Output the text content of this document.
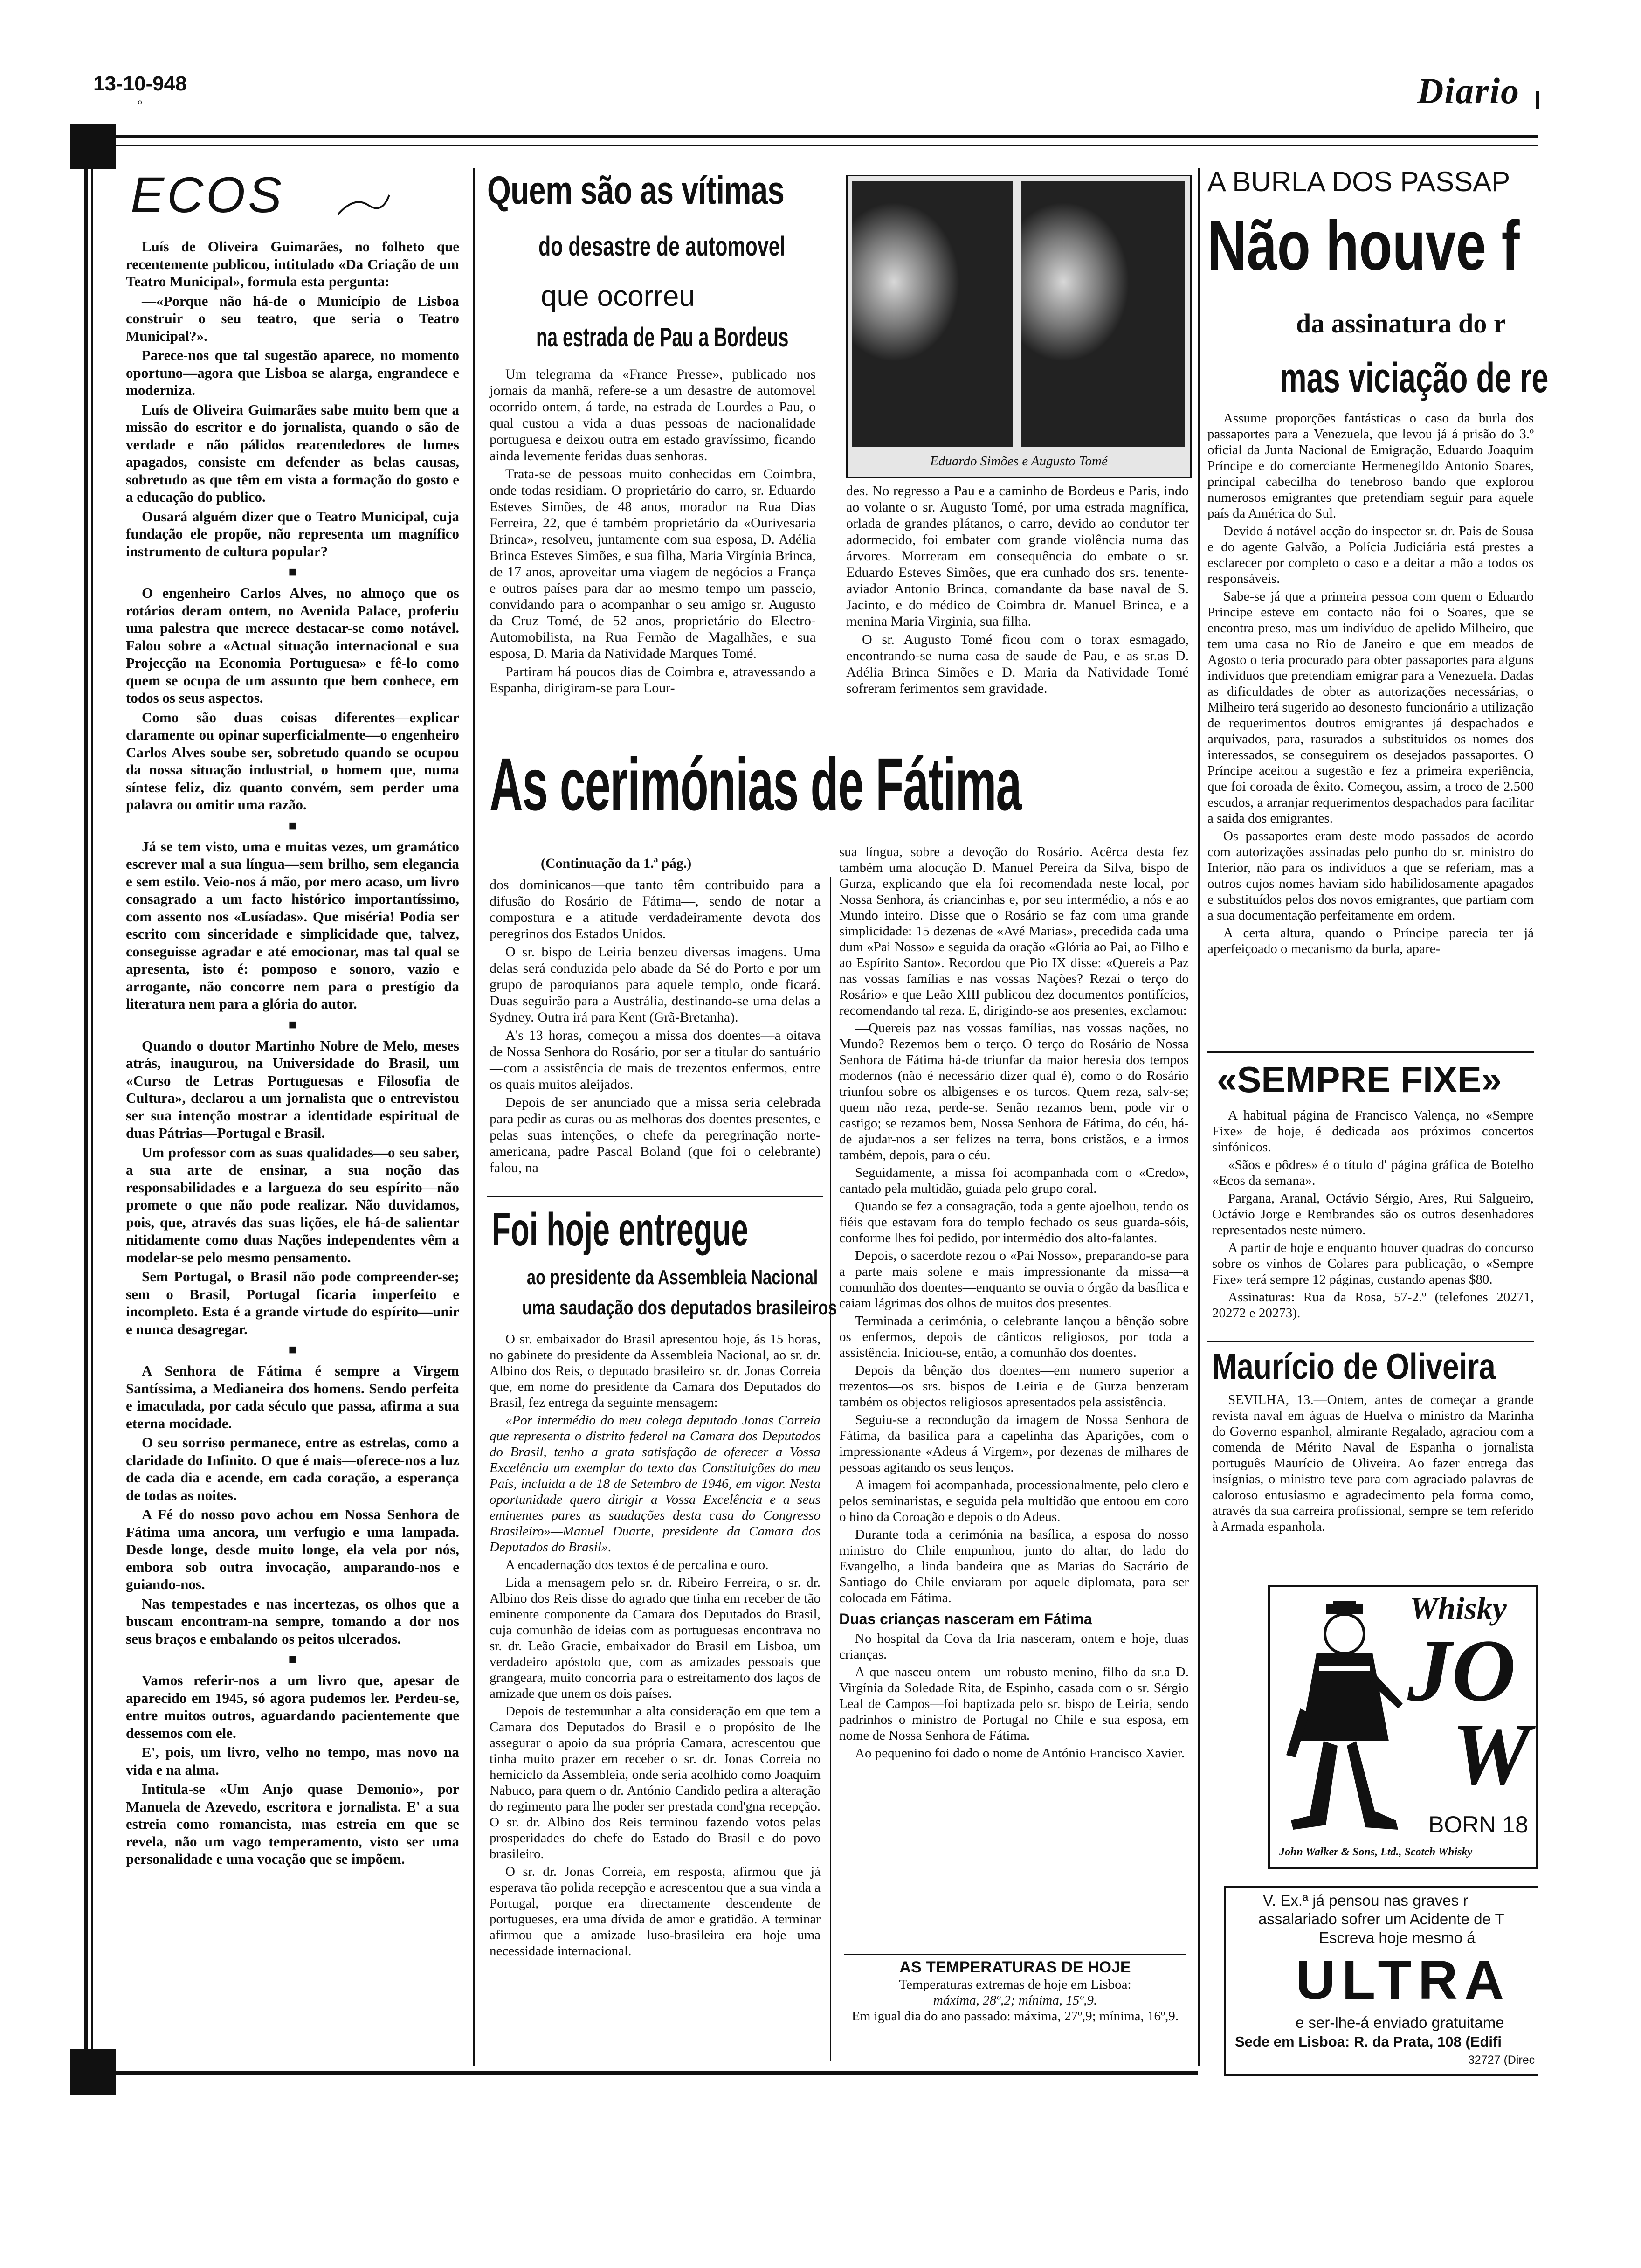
13-10-948
°	Diario
ECOS

Luís de Oliveira Guimarães, no folheto que recentemente publicou, intitulado «Da Criação de um Teatro Municipal», formula esta pergunta:

—«Porque não há-de o Município de Lisboa construir o seu teatro, que seria o Teatro Municipal?».

Parece-nos que tal sugestão aparece, no momento oportuno—agora que Lisboa se alarga, engrandece e moderniza.

Luís de Oliveira Guimarães sabe muito bem que a missão do escritor e do jornalista, quando o são de verdade e não pálidos reacendedores de lumes apagados, consiste em defender as belas causas, sobretudo as que têm em vista a formação do gosto e a educação do publico.

Ousará alguém dizer que o Teatro Municipal, cuja fundação ele propõe, não representa um magnífico instrumento de cultura popular?

■

O engenheiro Carlos Alves, no almoço que os rotários deram ontem, no Avenida Palace, proferiu uma palestra que merece destacar-se como notável. Falou sobre a «Actual situação internacional e sua Projecção na Economia Portuguesa» e fê-lo como quem se ocupa de um assunto que bem conhece, em todos os seus aspectos.

Como são duas coisas diferentes—explicar claramente ou opinar superficialmente—o engenheiro Carlos Alves soube ser, sobretudo quando se ocupou da nossa situação industrial, o homem que, numa síntese feliz, diz quanto convém, sem perder uma palavra ou omitir uma razão.

■

Já se tem visto, uma e muitas vezes, um gramático escrever mal a sua língua—sem brilho, sem elegancia e sem estilo. Veio-nos á mão, por mero acaso, um livro consagrado a um facto histórico importantíssimo, com assento nos «Lusíadas». Que miséria! Podia ser escrito com sinceridade e simplicidade que, talvez, conseguisse agradar e até emocionar, mas tal qual se apresenta, isto é: pomposo e sonoro, vazio e arrogante, não concorre nem para o prestígio da literatura nem para a glória do autor.

■

Quando o doutor Martinho Nobre de Melo, meses atrás, inaugurou, na Universidade do Brasil, um «Curso de Letras Portuguesas e Filosofia de Cultura», declarou a um jornalista que o entrevistou ser sua intenção mostrar a identidade espiritual de duas Pátrias—Portugal e Brasil.

Um professor com as suas qualidades—o seu saber, a sua arte de ensinar, a sua noção das responsabilidades e a largueza do seu espírito—não promete o que não pode realizar. Não duvidamos, pois, que, através das suas lições, ele há-de salientar nitidamente como duas Nações independentes vêm a modelar-se pelo mesmo pensamento.

Sem Portugal, o Brasil não pode compreender-se; sem o Brasil, Portugal ficaria imperfeito e incompleto. Esta é a grande virtude do espírito—unir e nunca desagregar.

■

A Senhora de Fátima é sempre a Virgem Santíssima, a Medianeira dos homens. Sendo perfeita e imaculada, por cada século que passa, afirma a sua eterna mocidade.

O seu sorriso permanece, entre as estrelas, como a claridade do Infinito. O que é mais—oferece-nos a luz de cada dia e acende, em cada coração, a esperança de todas as noites.

A Fé do nosso povo achou em Nossa Senhora de Fátima uma ancora, um verfugio e uma lampada. Desde longe, desde muito longe, ela vela por nós, embora sob outra invocação, amparando-nos e guiando-nos.

Nas tempestades e nas incertezas, os olhos que a buscam encontram-na sempre, tomando a dor nos seus braços e embalando os peitos ulcerados.

■

Vamos referir-nos a um livro que, apesar de aparecido em 1945, só agora pudemos ler. Perdeu-se, entre muitos outros, aguardando pacientemente que dessemos com ele.

E', pois, um livro, velho no tempo, mas novo na vida e na alma.

Intitula-se «Um Anjo quase Demonio», por Manuela de Azevedo, escritora e jornalista. E' a sua estreia como romancista, mas estreia em que se revela, não um vago temperamento, visto ser uma personalidade e uma vocação que se impõem.

Quem são as vítimas
do desastre de automovel
que ocorreu
na estrada de Pau a Bordeus

Um telegrama da «France Presse», publicado nos jornais da manhã, refere-se a um desastre de automovel ocorrido ontem, á tarde, na estrada de Lourdes a Pau, o qual custou a vida a duas pessoas de nacionalidade portuguesa e deixou outra em estado gravíssimo, ficando ainda levemente feridas duas senhoras.

Trata-se de pessoas muito conhecidas em Coimbra, onde todas residiam. O proprietário do carro, sr. Eduardo Esteves Simões, de 48 anos, morador na Rua Dias Ferreira, 22, que é também proprietário da «Ourivesaria Brinca», resolveu, juntamente com sua esposa, D. Adélia Brinca Esteves Simões, e sua filha, Maria Virgínia Brinca, de 17 anos, aproveitar uma viagem de negócios a França e outros países para dar ao mesmo tempo um passeio, convidando para o acompanhar o seu amigo sr. Augusto da Cruz Tomé, de 52 anos, proprietário do Electro-Automobilista, na Rua Fernão de Magalhães, e sua esposa, D. Maria da Natividade Marques Tomé.

Partiram há poucos dias de Coimbra e, atravessando a Espanha, dirigiram-se para Lour-

Eduardo Simões e Augusto Tomé

des. No regresso a Pau e a caminho de Bordeus e Paris, indo ao volante o sr. Augusto Tomé, por uma estrada magnífica, orlada de grandes plátanos, o carro, devido ao condutor ter adormecido, foi embater com grande violência numa das árvores. Morreram em consequência do embate o sr. Eduardo Esteves Simões, que era cunhado dos srs. tenente-aviador Antonio Brinca, comandante da base naval de S. Jacinto, e do médico de Coimbra dr. Manuel Brinca, e a menina Maria Virginia, sua filha.

O sr. Augusto Tomé ficou com o torax esmagado, encontrando-se numa casa de saude de Pau, e as sr.as D. Adélia Brinca Simões e D. Maria da Natividade Tomé sofreram ferimentos sem gravidade.

As cerimónias de Fátima
(Continuação da 1.ª pág.)

dos dominicanos—que tanto têm contribuido para a difusão do Rosário de Fátima—, sendo de notar a compostura e a atitude verdadeiramente devota dos peregrinos dos Estados Unidos.

O sr. bispo de Leiria benzeu diversas imagens. Uma delas será conduzida pelo abade da Sé do Porto e por um grupo de paroquianos para aquele templo, onde ficará. Duas seguirão para a Austrália, destinando-se uma delas a Sydney. Outra irá para Kent (Grã-Bretanha).

A's 13 horas, começou a missa dos doentes—a oitava de Nossa Senhora do Rosário, por ser a titular do santuário—com a assistência de mais de trezentos enfermos, entre os quais muitos aleijados.

Depois de ser anunciado que a missa seria celebrada para pedir as curas ou as melhoras dos doentes presentes, e pelas suas intenções, o chefe da peregrinação norte-americana, padre Pascal Boland (que foi o celebrante) falou, na

sua língua, sobre a devoção do Rosário. Acêrca desta fez também uma alocução D. Manuel Pereira da Silva, bispo de Gurza, explicando que ela foi recomendada neste local, por Nossa Senhora, ás criancinhas e, por seu intermédio, a nós e ao Mundo inteiro. Disse que o Rosário se faz com uma grande simplicidade: 15 dezenas de «Avé Marias», precedida cada uma dum «Pai Nosso» e seguida da oração «Glória ao Pai, ao Filho e ao Espírito Santo». Recordou que Pio IX disse: «Quereis a Paz nas vossas famílias e nas vossas Nações? Rezai o terço do Rosário» e que Leão XIII publicou dez documentos pontifícios, recomendando tal reza. E, dirigindo-se aos presentes, exclamou:

—Quereis paz nas vossas famílias, nas vossas nações, no Mundo? Rezemos bem o terço. O terço do Rosário de Nossa Senhora de Fátima há-de triunfar da maior heresia dos tempos modernos (não é necessário dizer qual é), como o do Rosário triunfou sobre os albigenses e os turcos. Quem reza, salv-se; quem não reza, perde-se. Senão rezamos bem, pode vir o castigo; se rezamos bem, Nossa Senhora de Fátima, do céu, há-de ajudar-nos a ser felizes na terra, bons cristãos, e a irmos também, depois, para o céu.

Seguidamente, a missa foi acompanhada com o «Credo», cantado pela multidão, guiada pelo grupo coral.

Quando se fez a consagração, toda a gente ajoelhou, tendo os fiéis que estavam fora do templo fechado os seus guarda-sóis, conforme lhes foi pedido, por intermédio dos alto-falantes.

Depois, o sacerdote rezou o «Pai Nosso», preparando-se para a parte mais solene e mais impressionante da missa—a comunhão dos doentes—enquanto se ouvia o órgão da basílica e caiam lágrimas dos olhos de muitos dos presentes.

Terminada a cerimónia, o celebrante lançou a bênção sobre os enfermos, depois de cânticos religiosos, por toda a assistência. Iniciou-se, então, a comunhão dos doentes.

Depois da bênção dos doentes—em numero superior a trezentos—os srs. bispos de Leiria e de Gurza benzeram também os objectos religiosos apresentados pela assistência.

Seguiu-se a recondução da imagem de Nossa Senhora de Fátima, da basílica para a capelinha das Aparições, com o impressionante «Adeus á Virgem», por dezenas de milhares de pessoas agitando os seus lenços.

A imagem foi acompanhada, processionalmente, pelo clero e pelos seminaristas, e seguida pela multidão que entoou em coro o hino da Coroação e depois o do Adeus.

Durante toda a cerimónia na basílica, a esposa do nosso ministro do Chile empunhou, junto do altar, do lado do Evangelho, a linda bandeira que as Marias do Sacrário de Santiago do Chile enviaram por aquele diplomata, para ser colocada em Fátima.

Duas crianças nasceram em Fátima

No hospital da Cova da Iria nasceram, ontem e hoje, duas crianças.

A que nasceu ontem—um robusto menino, filho da sr.a D. Virgínia da Soledade Rita, de Espinho, casada com o sr. Sérgio Leal de Campos—foi baptizada pelo sr. bispo de Leiria, sendo padrinhos o ministro de Portugal no Chile e sua esposa, em nome de Nossa Senhora de Fátima.

Ao pequenino foi dado o nome de António Francisco Xavier.

AS TEMPERATURAS DE HOJE
Temperaturas extremas de hoje em Lisboa:
máxima, 28º,2; mínima, 15º,9.
Em igual dia do ano passado: máxima, 27º,9; mínima, 16º,9.
Foi hoje entregue
ao presidente da Assembleia Nacional
uma saudação dos deputados brasileiros

O sr. embaixador do Brasil apresentou hoje, ás 15 horas, no gabinete do presidente da Assembleia Nacional, ao sr. dr. Albino dos Reis, o deputado brasileiro sr. dr. Jonas Correia que, em nome do presidente da Camara dos Deputados do Brasil, fez entrega da seguinte mensagem:

«Por intermédio do meu colega deputado Jonas Correia que representa o distrito federal na Camara dos Deputados do Brasil, tenho a grata satisfação de oferecer a Vossa Excelência um exemplar do texto das Constituições do meu País, incluida a de 18 de Setembro de 1946, em vigor. Nesta oportunidade quero dirigir a Vossa Excelência e a seus eminentes pares as saudações desta casa do Congresso Brasileiro»—Manuel Duarte, presidente da Camara dos Deputados do Brasil».

A encadernação dos textos é de percalina e ouro.

Lida a mensagem pelo sr. dr. Ribeiro Ferreira, o sr. dr. Albino dos Reis disse do agrado que tinha em receber de tão eminente componente da Camara dos Deputados do Brasil, cuja comunhão de ideias com as portuguesas encontrava no sr. dr. Leão Gracie, embaixador do Brasil em Lisboa, um verdadeiro apóstolo que, com as amizades pessoais que grangeara, muito concorria para o estreitamento dos laços de amizade que unem os dois países.

Depois de testemunhar a alta consideração em que tem a Camara dos Deputados do Brasil e o propósito de lhe assegurar o apoio da sua própria Camara, acrescentou que tinha muito prazer em receber o sr. dr. Jonas Correia no hemiciclo da Assembleia, onde seria acolhido como Joaquim Nabuco, para quem o dr. António Candido pedira a alteração do regimento para lhe poder ser prestada cond'gna recepção. O sr. dr. Albino dos Reis terminou fazendo votos pelas prosperidades do chefe do Estado do Brasil e do povo brasileiro.

O sr. dr. Jonas Correia, em resposta, afirmou que já esperava tão polida recepção e acrescentou que a sua vinda a Portugal, porque era directamente descendente de portugueses, era uma dívida de amor e gratidão. A terminar afirmou que a amizade luso-brasileira era hoje uma necessidade internacional.

A BURLA DOS PASSAP
Não houve f
da assinatura do r
mas viciação de re

Assume proporções fantásticas o caso da burla dos passaportes para a Venezuela, que levou já á prisão do 3.º oficial da Junta Nacional de Emigração, Eduardo Joaquim Príncipe e do comerciante Hermenegildo Antonio Soares, principal cabecilha do tenebroso bando que explorou numerosos emigrantes que pretendiam seguir para aquele país da América do Sul.

Devido á notável acção do inspector sr. dr. Pais de Sousa e do agente Galvão, a Polícia Judiciária está prestes a esclarecer por completo o caso e a deitar a mão a todos os responsáveis.

Sabe-se já que a primeira pessoa com quem o Eduardo Principe esteve em contacto não foi o Soares, que se encontra preso, mas um indivíduo de apelido Milheiro, que tem uma casa no Rio de Janeiro e que em meados de Agosto o teria procurado para obter passaportes para alguns indivíduos que pretendiam emigrar para a Venezuela. Dadas as dificuldades de obter as autorizações necessárias, o Milheiro terá sugerido ao desonesto funcionário a utilização de requerimentos doutros emigrantes já despachados e arquivados, para, rasurados a substituidos os nomes dos interessados, se conseguirem os desejados passaportes. O Príncipe aceitou a sugestão e fez a primeira experiência, que foi coroada de êxito. Começou, assim, a troco de 2.500 escudos, a arranjar requerimentos despachados para facilitar a saida dos emigrantes.

Os passaportes eram deste modo passados de acordo com autorizações assinadas pelo punho do sr. ministro do Interior, não para os indivíduos a que se referiam, mas a outros cujos nomes haviam sido habilidosamente apagados e substituídos pelos dos novos emigrantes, que partiam com a sua documentação perfeitamente em ordem.

A certa altura, quando o Príncipe parecia ter já aperfeiçoado o mecanismo da burla, apare-

«SEMPRE FIXE»

A habitual página de Francisco Valença, no «Sempre Fixe» de hoje, é dedicada aos próximos concertos sinfónicos.

«Sãos e pôdres» é o título d' página gráfica de Botelho «Ecos da semana».

Pargana, Aranal, Octávio Sérgio, Ares, Rui Salgueiro, Octávio Jorge e Rembrandes são os outros desenhadores representados neste número.

A partir de hoje e enquanto houver quadras do concurso sobre os vinhos de Colares para publicação, o «Sempre Fixe» terá sempre 12 páginas, custando apenas $80.

Assinaturas: Rua da Rosa, 57-2.º (telefones 20271, 20272 e 20273).

Maurício de Oliveira

SEVILHA, 13.—Ontem, antes de começar a grande revista naval em águas de Huelva o ministro da Marinha do Governo espanhol, almirante Regalado, agraciou com a comenda de Mérito Naval de Espanha o jornalista português Maurício de Oliveira. Ao fazer entrega das insígnias, o ministro teve para com agraciado palavras de caloroso entusiasmo e agradecimento pela forma como, através da sua carreira profissional, sempre se tem referido à Armada espanhola.

Whisky
JO
W
BORN 18
John Walker & Sons, Ltd., Scotch Whisky
V. Ex.ª já pensou nas graves r
assalariado sofrer um Acidente de T
Escreva hoje mesmo á
ULTRA
e ser-lhe-á enviado gratuitame
Sede em Lisboa: R. da Prata, 108 (Edifi
32727 (Direc
